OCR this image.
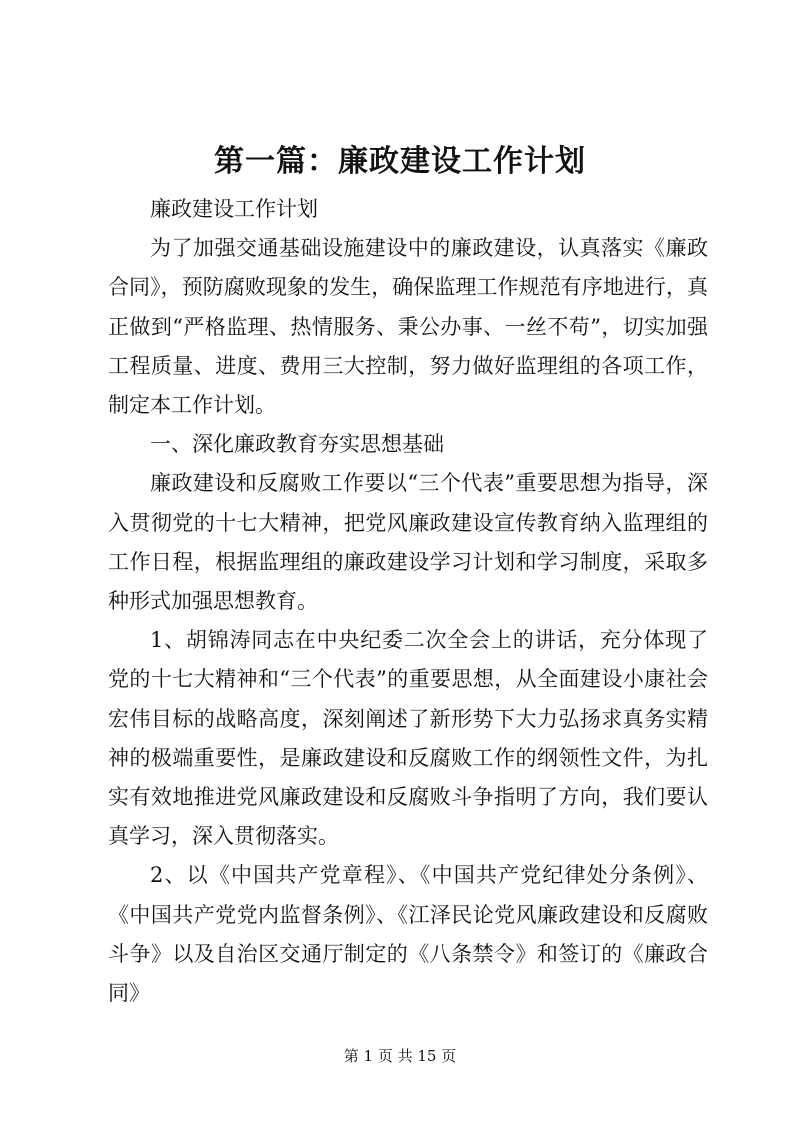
第一篇：廉政建设工作计划

廉政建设工作计划

为了加强交通基础设施建设中的廉政建设，认真落实《廉政合同》，预防腐败现象的发生，确保监理工作规范有序地进行，真正做到“严格监理、热情服务、秉公办事、一丝不苟”，切实加强工程质量、进度、费用三大控制，努力做好监理组的各项工作，制定本工作计划。

一、深化廉政教育夯实思想基础

廉政建设和反腐败工作要以“三个代表”重要思想为指导，深入贯彻党的十七大精神，把党风廉政建设宣传教育纳入监理组的工作日程，根据监理组的廉政建设学习计划和学习制度，采取多种形式加强思想教育。

1、胡锦涛同志在中央纪委二次全会上的讲话，充分体现了党的十七大精神和“三个代表”的重要思想，从全面建设小康社会宏伟目标的战略高度，深刻阐述了新形势下大力弘扬求真务实精神的极端重要性，是廉政建设和反腐败工作的纲领性文件，为扎实有效地推进党风廉政建设和反腐败斗争指明了方向，我们要认真学习，深入贯彻落实。

2、以《中国共产党章程》、《中国共产党纪律处分条例》、《中国共产党党内监督条例》、《江泽民论党风廉政建设和反腐败斗争》以及自治区交通厅制定的《八条禁令》和签订的《廉政合同》

第 1 页 共 15 页
